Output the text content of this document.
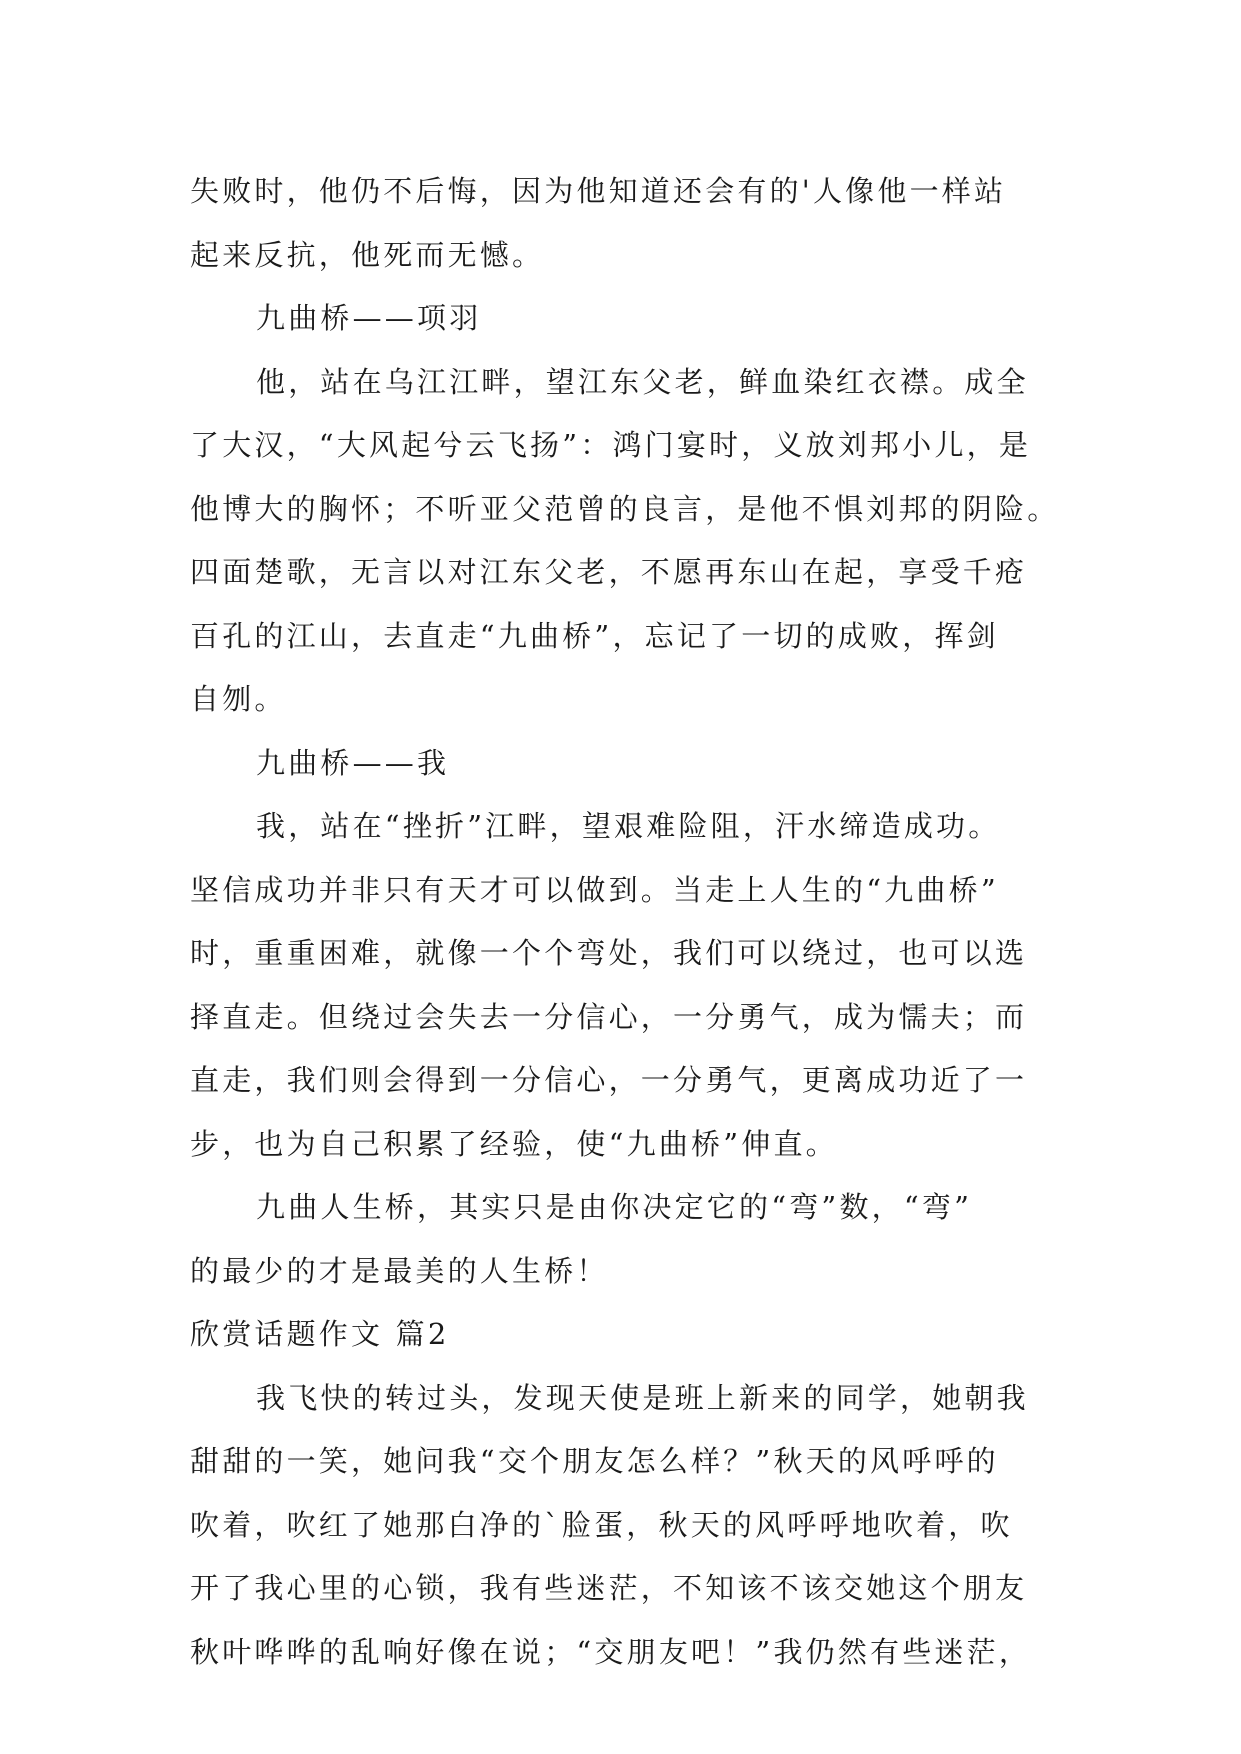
失败时，他仍不后悔，因为他知道还会有的'人像他一样站

起来反抗，他死而无憾。

九曲桥——项羽

他，站在乌江江畔，望江东父老，鲜血染红衣襟。成全

了大汉，“大风起兮云飞扬”：鸿门宴时，义放刘邦小儿，是

他博大的胸怀；不听亚父范曾的良言，是他不惧刘邦的阴险。

四面楚歌，无言以对江东父老，不愿再东山在起，享受千疮

百孔的江山，去直走“九曲桥”，忘记了一切的成败，挥剑

自刎。

九曲桥——我

我，站在“挫折”江畔，望艰难险阻，汗水缔造成功。

坚信成功并非只有天才可以做到。当走上人生的“九曲桥”

时，重重困难，就像一个个弯处，我们可以绕过，也可以选

择直走。但绕过会失去一分信心，一分勇气，成为懦夫；而

直走，我们则会得到一分信心，一分勇气，更离成功近了一

步，也为自己积累了经验，使“九曲桥”伸直。

九曲人生桥，其实只是由你决定它的“弯”数，“弯”

的最少的才是最美的人生桥！

欣赏话题作文 篇2

我飞快的转过头，发现天使是班上新来的同学，她朝我

甜甜的一笑，她问我“交个朋友怎么样？”秋天的风呼呼的

吹着，吹红了她那白净的`脸蛋，秋天的风呼呼地吹着，吹

开了我心里的心锁，我有些迷茫，不知该不该交她这个朋友

秋叶哗哗的乱响好像在说；“交朋友吧！”我仍然有些迷茫，
